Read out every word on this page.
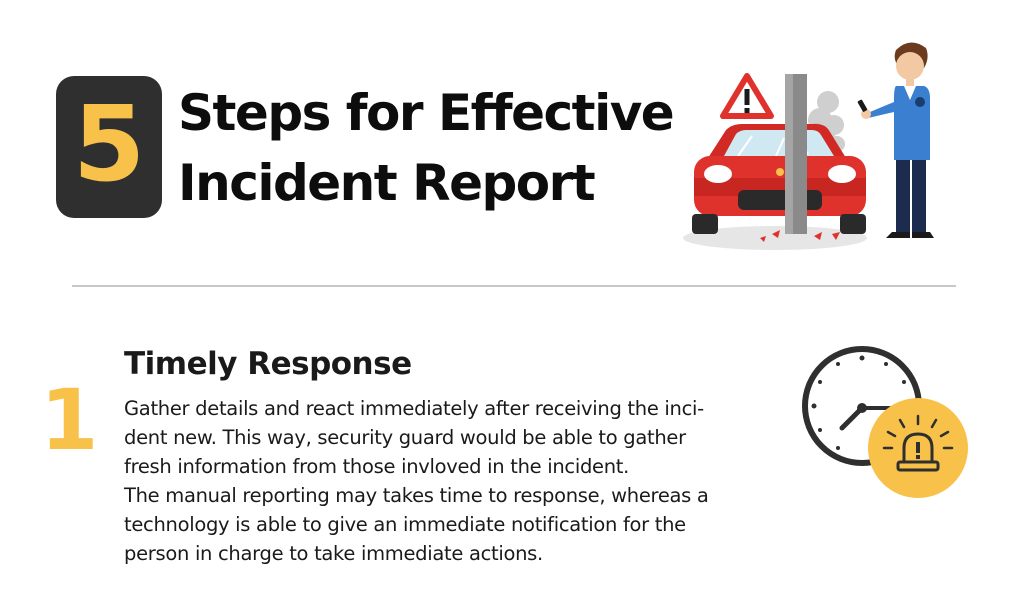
5 Steps for Effective
Incident Report
1
Timely Response
Gather details and react immediately after receiving the inci-
dent new. This way, security guard would be able to gather
fresh information from those invloved in the incident.
The manual reporting may takes time to response, whereas a
technology is able to give an immediate notification for the
person in charge to take immediate actions.
